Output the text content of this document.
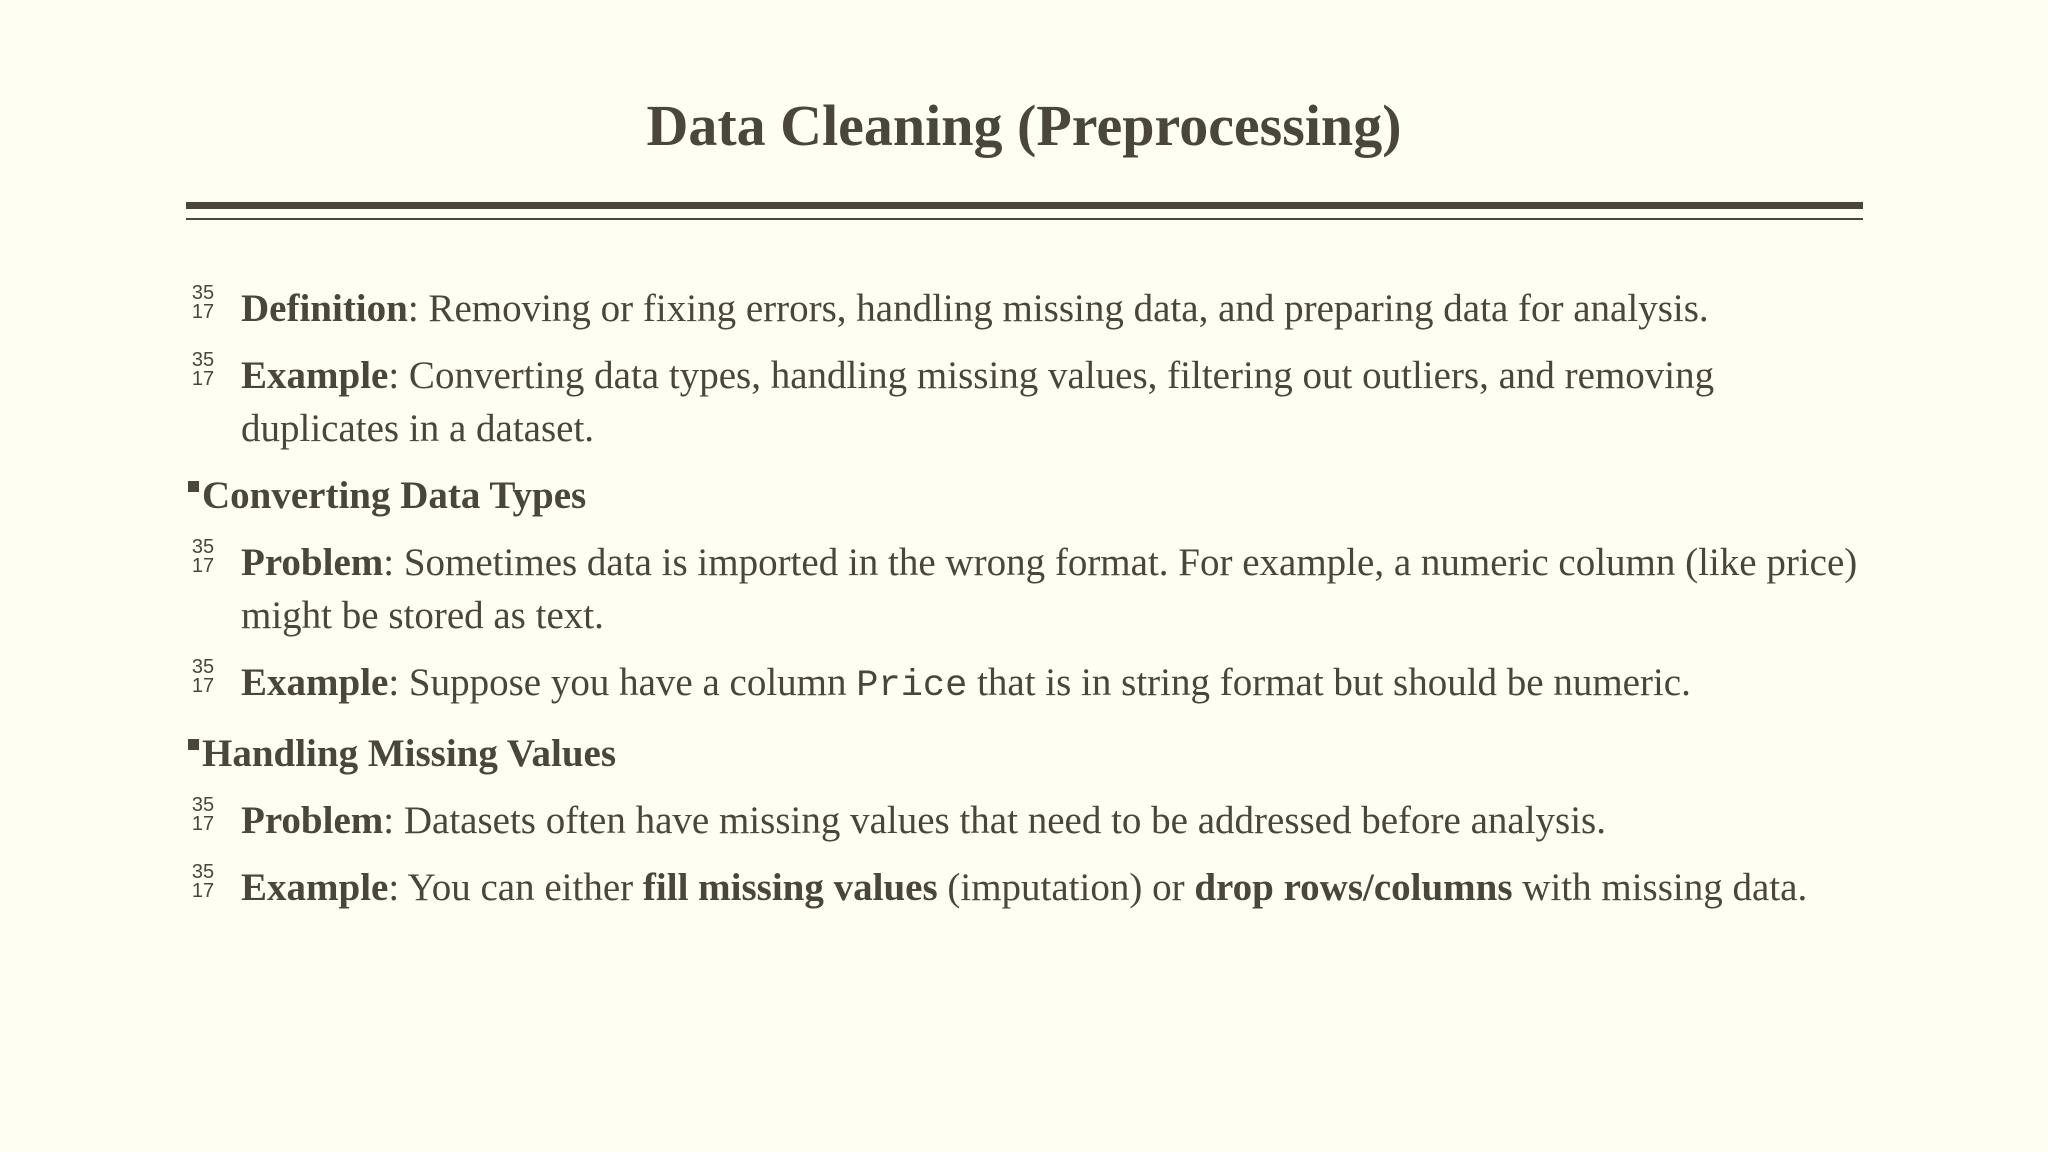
Data Cleaning (Preprocessing)
35
17 Definition: Removing or fixing errors, handling missing data, and preparing data for analysis.
35
17 Example: Converting data types, handling missing values, filtering out outliers, and removing duplicates in a dataset.
Converting Data Types
35
17 Problem: Sometimes data is imported in the wrong format. For example, a numeric column (like price) might be stored as text.
35
17 Example: Suppose you have a column Price that is in string format but should be numeric.
Handling Missing Values
35
17 Problem: Datasets often have missing values that need to be addressed before analysis.
35
17 Example: You can either fill missing values (imputation) or drop rows/columns with missing data.
